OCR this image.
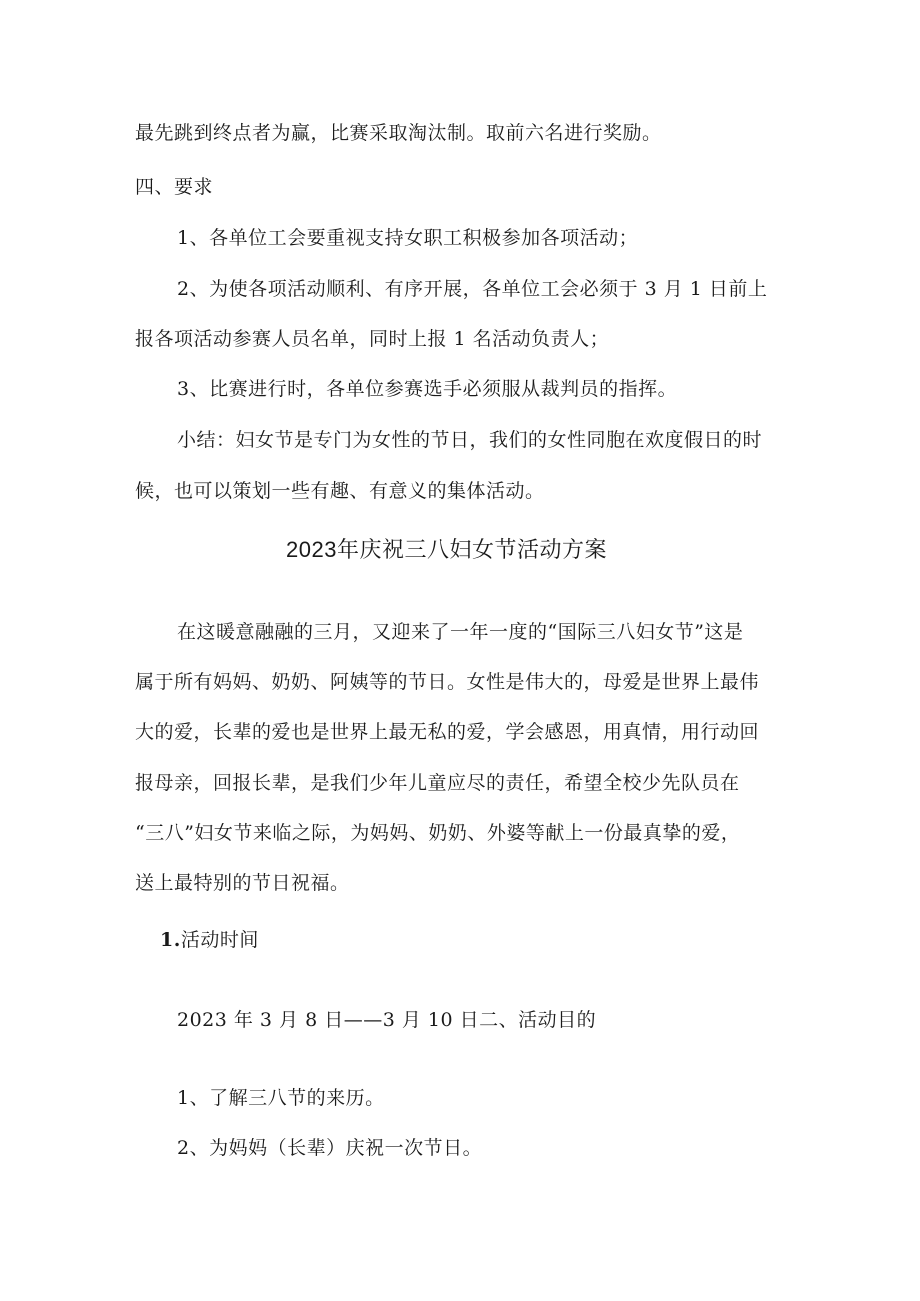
最先跳到终点者为赢，比赛采取淘汰制。取前六名进行奖励。
四、要求
1、各单位工会要重视支持女职工积极参加各项活动；
2、为使各项活动顺利、有序开展，各单位工会必须于 3 月 1 日前上
报各项活动参赛人员名单，同时上报 1 名活动负责人；
3、比赛进行时，各单位参赛选手必须服从裁判员的指挥。
小结：妇女节是专门为女性的节日，我们的女性同胞在欢度假日的时
候，也可以策划一些有趣、有意义的集体活动。
2023年庆祝三八妇女节活动方案
在这暖意融融的三月，又迎来了一年一度的“国际三八妇女节”这是
属于所有妈妈、奶奶、阿姨等的节日。女性是伟大的，母爱是世界上最伟
大的爱，长辈的爱也是世界上最无私的爱，学会感恩，用真情，用行动回
报母亲，回报长辈，是我们少年儿童应尽的责任，希望全校少先队员在
“三八”妇女节来临之际，为妈妈、奶奶、外婆等献上一份最真挚的爱，
送上最特别的节日祝福。
1.活动时间
2023 年 3 月 8 日——3 月 10 日二、活动目的
1、了解三八节的来历。
2、为妈妈（长辈）庆祝一次节日。
